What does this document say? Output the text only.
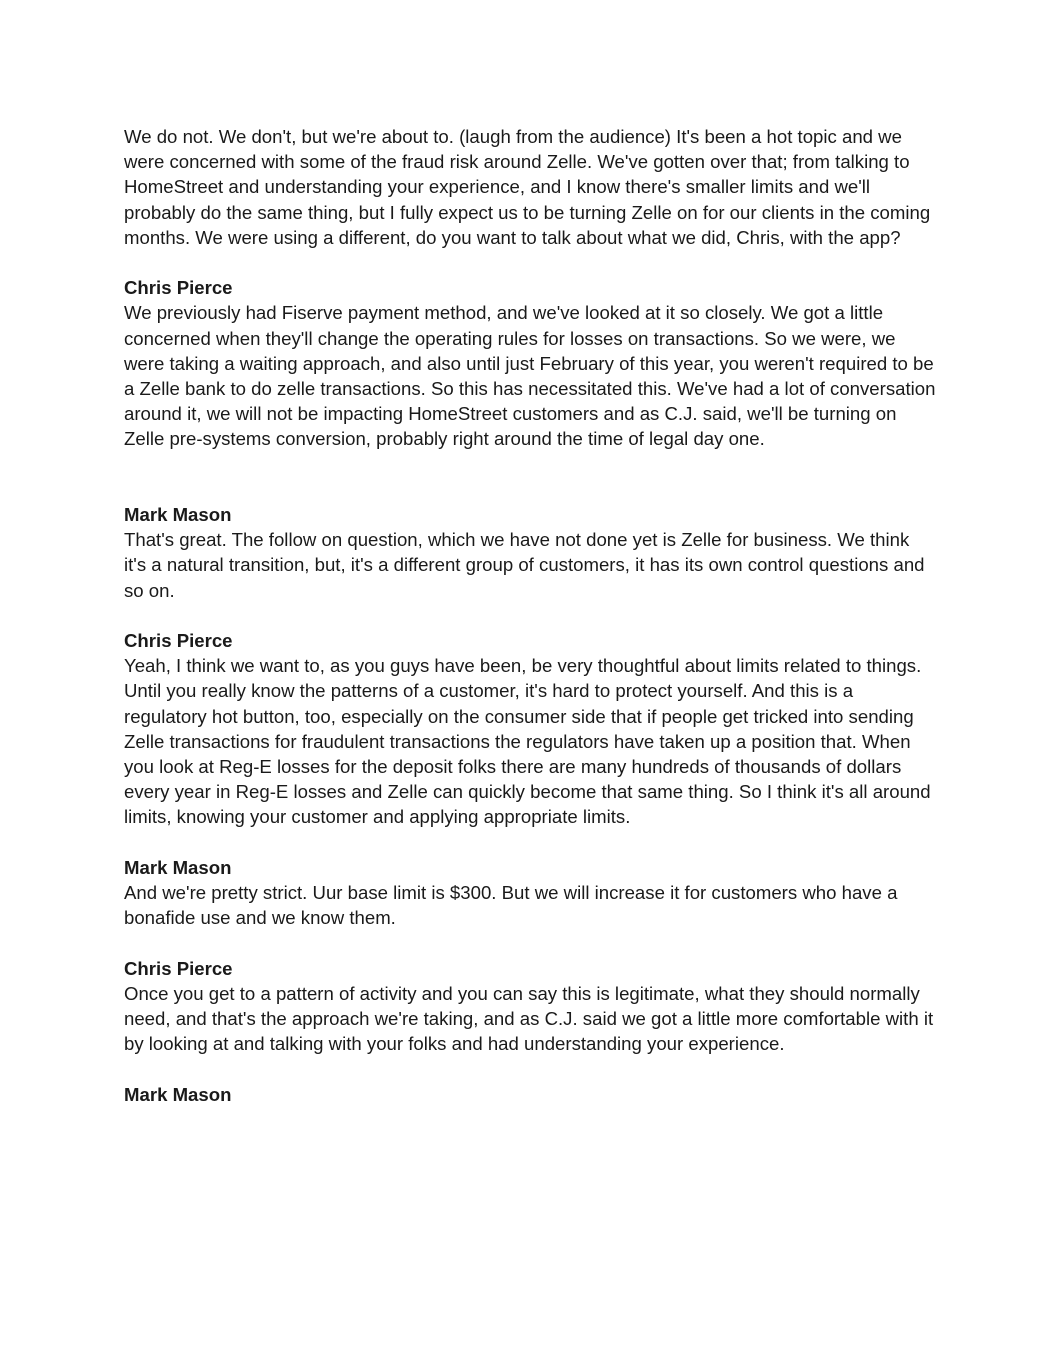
We do not. We don't, but we're about to. (laugh from the audience) It's been a hot topic and we were concerned with some of the fraud risk around Zelle. We've gotten over that; from talking to HomeStreet and understanding your experience, and I know there's smaller limits and we'll probably do the same thing, but I fully expect us to be turning Zelle on for our clients in the coming months. We were using a different, do you want to talk about what we did, Chris, with the app?

Chris Pierce

We previously had Fiserve payment method, and we've looked at it so closely. We got a little concerned when they'll change the operating rules for losses on transactions. So we were, we were taking a waiting approach, and also until just February of this year, you weren't required to be a Zelle bank to do zelle transactions. So this has necessitated this. We've had a lot of conversation around it, we will not be impacting HomeStreet customers and as C.J. said, we'll be turning on Zelle pre-systems conversion, probably right around the time of legal day one.

Mark Mason

That's great. The follow on question, which we have not done yet is Zelle for business. We think it's a natural transition, but, it's a different group of customers, it has its own control questions and so on.

Chris Pierce

Yeah, I think we want to, as you guys have been, be very thoughtful about limits related to things. Until you really know the patterns of a customer, it's hard to protect yourself. And this is a regulatory hot button, too, especially on the consumer side that if people get tricked into sending Zelle transactions for fraudulent transactions the regulators have taken up a position that. When you look at Reg-E losses for the deposit folks there are many hundreds of thousands of dollars every year in Reg-E losses and Zelle can quickly become that same thing. So I think it's all around limits, knowing your customer and applying appropriate limits.

Mark Mason

And we're pretty strict. Uur base limit is $300. But we will increase it for customers who have a bonafide use and we know them.

Chris Pierce

Once you get to a pattern of activity and you can say this is legitimate, what they should normally need, and that's the approach we're taking, and as C.J. said we got a little more comfortable with it by looking at and talking with your folks and had understanding your experience.

Mark Mason
